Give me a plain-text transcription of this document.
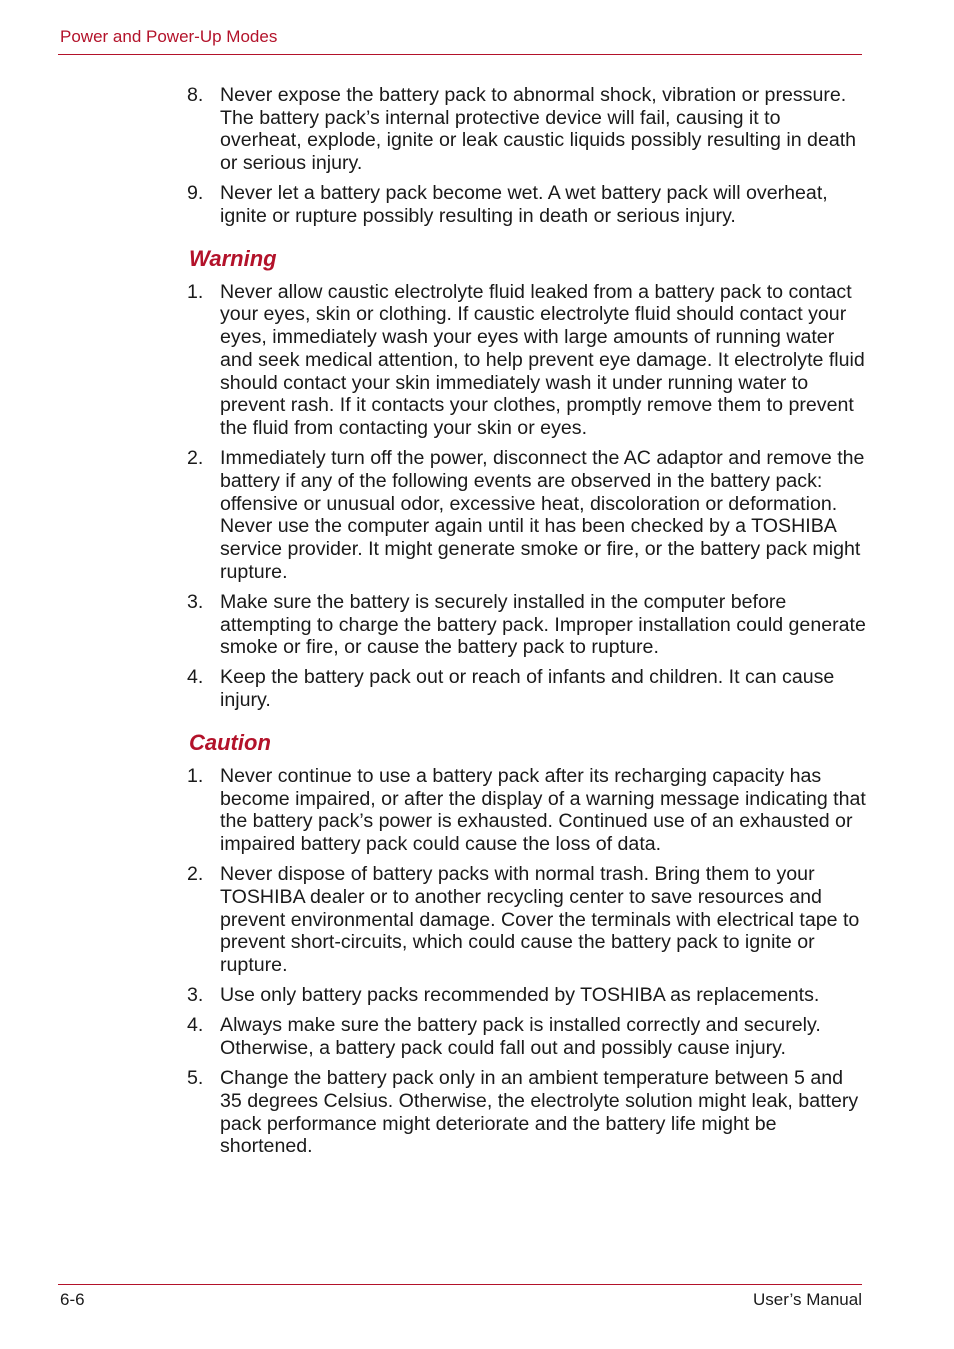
Power and Power-Up Modes
8. Never expose the battery pack to abnormal shock, vibration or pressure. The battery pack’s internal protective device will fail, causing it to overheat, explode, ignite or leak caustic liquids possibly resulting in death or serious injury.
9. Never let a battery pack become wet. A wet battery pack will overheat, ignite or rupture possibly resulting in death or serious injury.
Warning
1. Never allow caustic electrolyte fluid leaked from a battery pack to contact your eyes, skin or clothing. If caustic electrolyte fluid should contact your eyes, immediately wash your eyes with large amounts of running water and seek medical attention, to help prevent eye damage. It electrolyte fluid should contact your skin immediately wash it under running water to prevent rash. If it contacts your clothes, promptly remove them to prevent the fluid from contacting your skin or eyes.
2. Immediately turn off the power, disconnect the AC adaptor and remove the battery if any of the following events are observed in the battery pack: offensive or unusual odor, excessive heat, discoloration or deformation. Never use the computer again until it has been checked by a TOSHIBA service provider. It might generate smoke or fire, or the battery pack might rupture.
3. Make sure the battery is securely installed in the computer before attempting to charge the battery pack. Improper installation could generate smoke or fire, or cause the battery pack to rupture.
4. Keep the battery pack out or reach of infants and children. It can cause injury.
Caution
1. Never continue to use a battery pack after its recharging capacity has become impaired, or after the display of a warning message indicating that the battery pack’s power is exhausted. Continued use of an exhausted or impaired battery pack could cause the loss of data.
2. Never dispose of battery packs with normal trash. Bring them to your TOSHIBA dealer or to another recycling center to save resources and prevent environmental damage. Cover the terminals with electrical tape to prevent short-circuits, which could cause the battery pack to ignite or rupture.
3. Use only battery packs recommended by TOSHIBA as replacements.
4. Always make sure the battery pack is installed correctly and securely. Otherwise, a battery pack could fall out and possibly cause injury.
5. Change the battery pack only in an ambient temperature between 5 and 35 degrees Celsius. Otherwise, the electrolyte solution might leak, battery pack performance might deteriorate and the battery life might be shortened.
6-6	User’s Manual
